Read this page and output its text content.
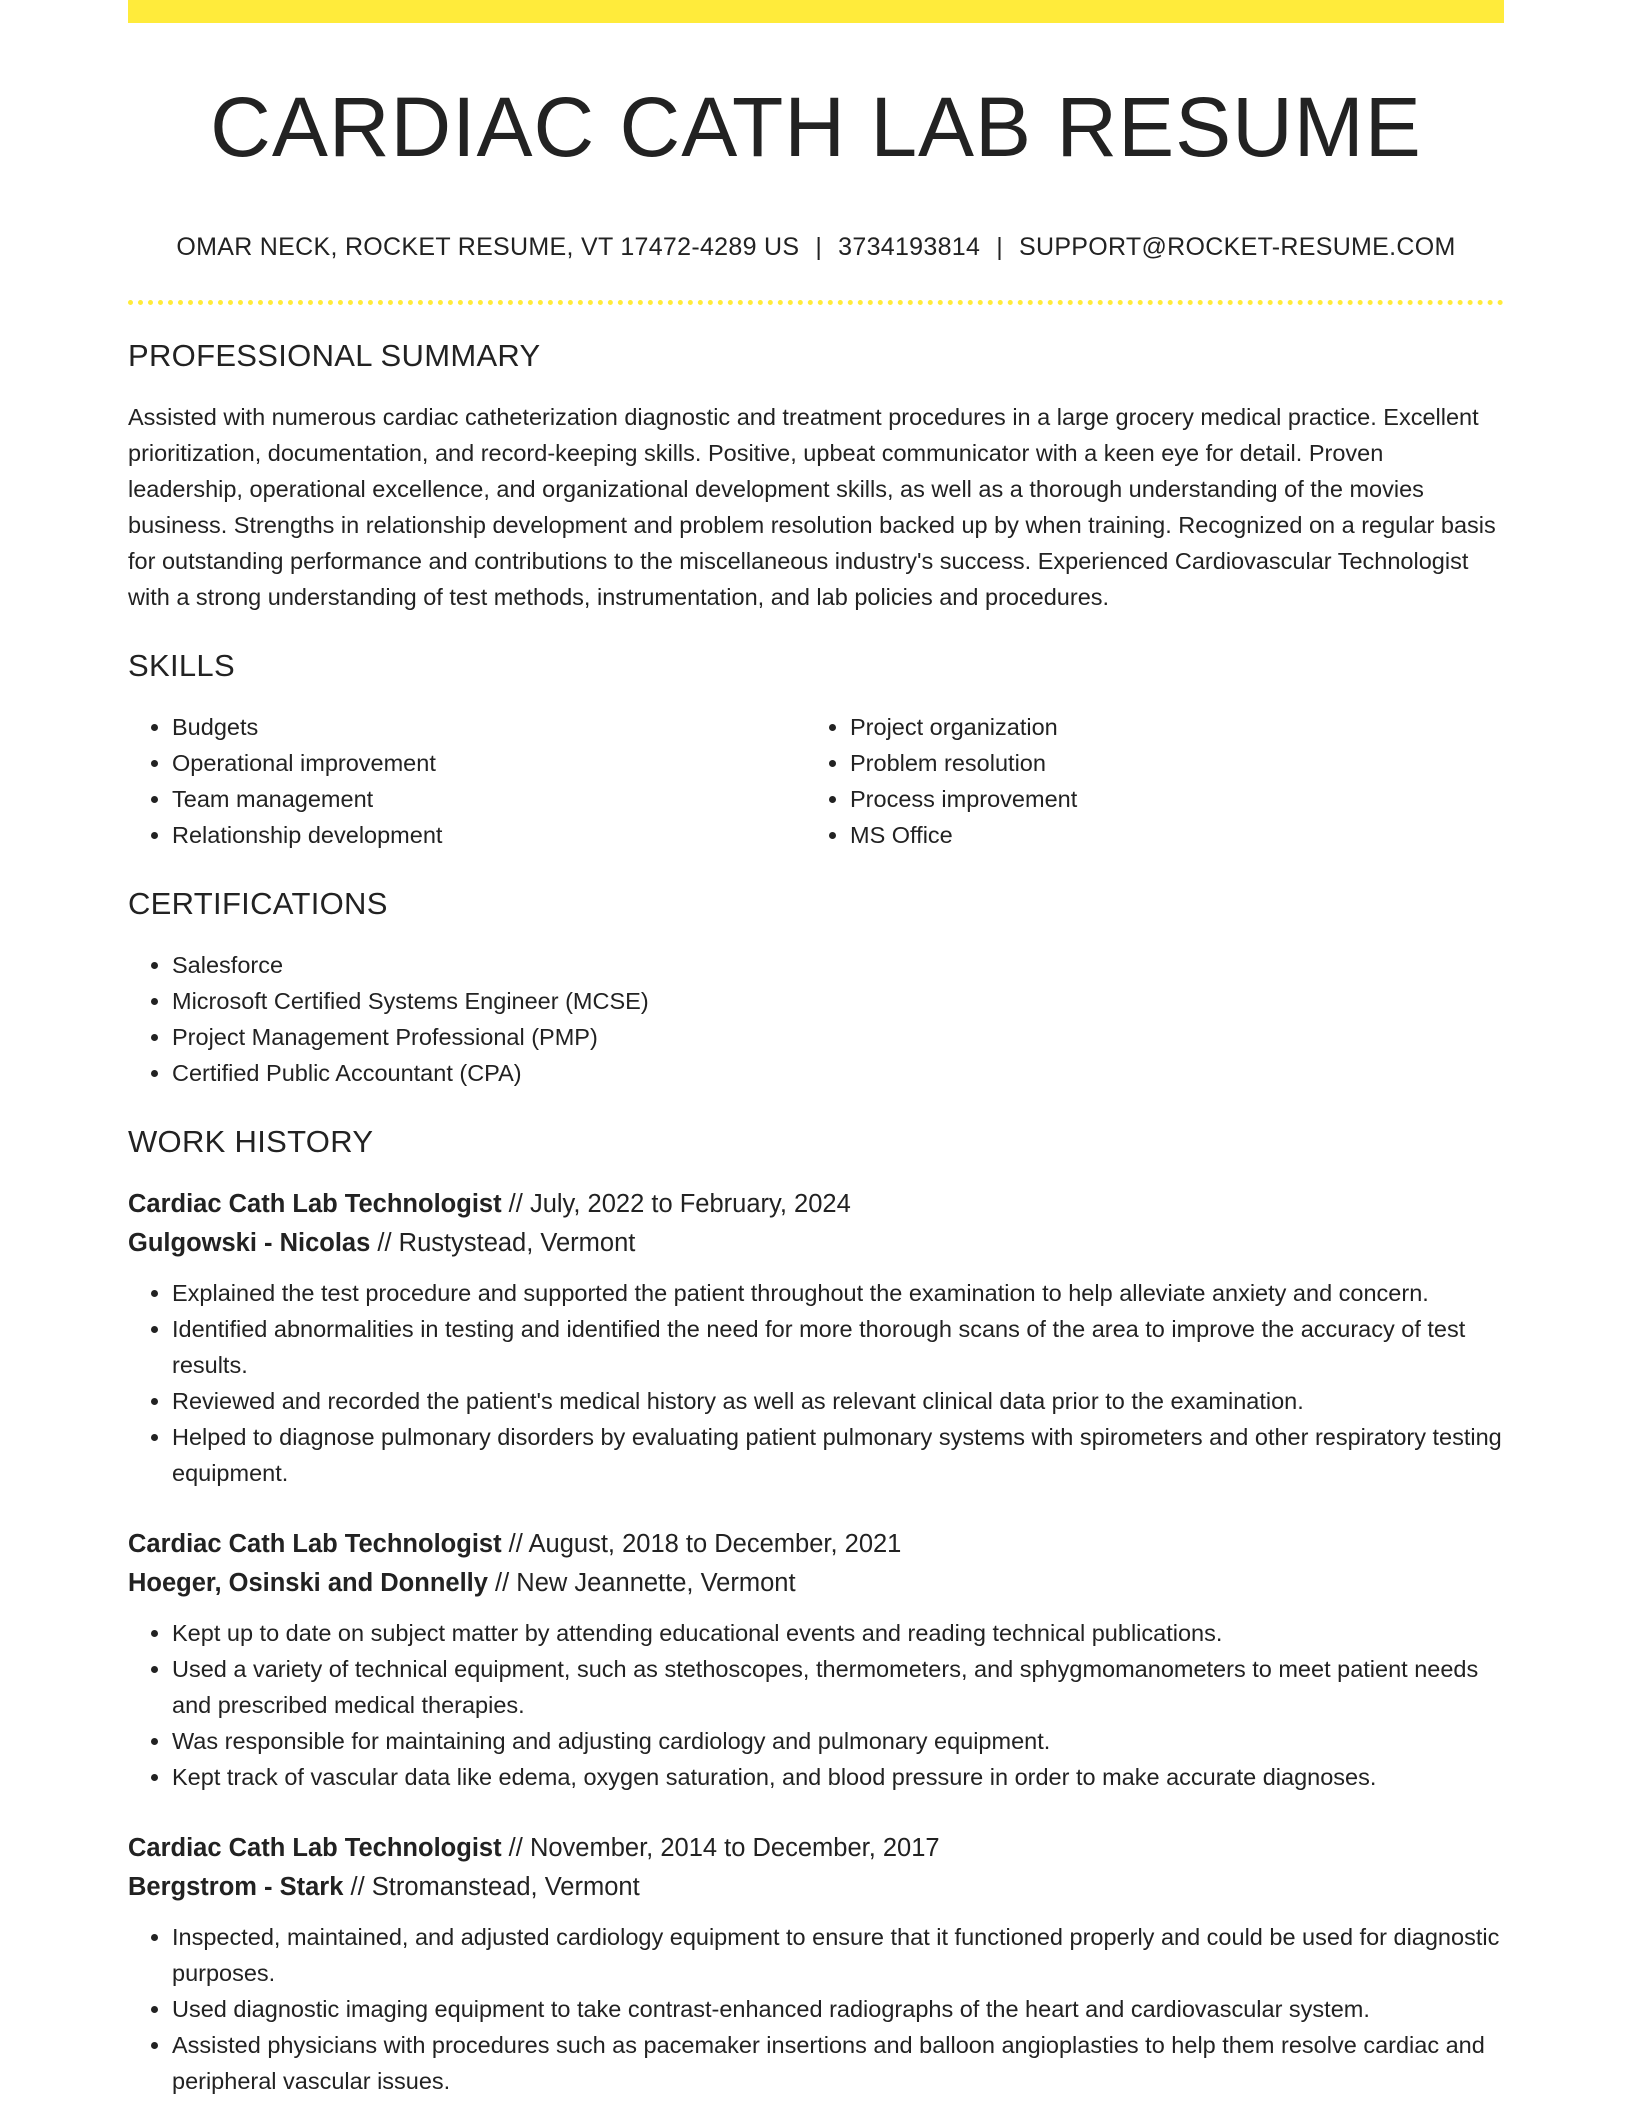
CARDIAC CATH LAB RESUME
OMAR NECK, ROCKET RESUME, VT 17472-4289 US | 3734193814 | SUPPORT@ROCKET-RESUME.COM
PROFESSIONAL SUMMARY

Assisted with numerous cardiac catheterization diagnostic and treatment procedures in a large grocery medical practice. Excellent prioritization, documentation, and record-keeping skills. Positive, upbeat communicator with a keen eye for detail. Proven leadership, operational excellence, and organizational development skills, as well as a thorough understanding of the movies business. Strengths in relationship development and problem resolution backed up by when training. Recognized on a regular basis for outstanding performance and contributions to the miscellaneous industry's success. Experienced Cardiovascular Technologist with a strong understanding of test methods, instrumentation, and lab policies and procedures.

SKILLS
• Budgets
• Operational improvement
• Team management
• Relationship development
• Project organization
• Problem resolution
• Process improvement
• MS Office
CERTIFICATIONS
• Salesforce
• Microsoft Certified Systems Engineer (MCSE)
• Project Management Professional (PMP)
• Certified Public Accountant (CPA)
WORK HISTORY
Cardiac Cath Lab Technologist // July, 2022 to February, 2024
Gulgowski - Nicolas // Rustystead, Vermont
• Explained the test procedure and supported the patient throughout the examination to help alleviate anxiety and concern.
• Identified abnormalities in testing and identified the need for more thorough scans of the area to improve the accuracy of test results.
• Reviewed and recorded the patient's medical history as well as relevant clinical data prior to the examination.
• Helped to diagnose pulmonary disorders by evaluating patient pulmonary systems with spirometers and other respiratory testing equipment.
Cardiac Cath Lab Technologist // August, 2018 to December, 2021
Hoeger, Osinski and Donnelly // New Jeannette, Vermont
• Kept up to date on subject matter by attending educational events and reading technical publications.
• Used a variety of technical equipment, such as stethoscopes, thermometers, and sphygmomanometers to meet patient needs and prescribed medical therapies.
• Was responsible for maintaining and adjusting cardiology and pulmonary equipment.
• Kept track of vascular data like edema, oxygen saturation, and blood pressure in order to make accurate diagnoses.
Cardiac Cath Lab Technologist // November, 2014 to December, 2017
Bergstrom - Stark // Stromanstead, Vermont
• Inspected, maintained, and adjusted cardiology equipment to ensure that it functioned properly and could be used for diagnostic purposes.
• Used diagnostic imaging equipment to take contrast-enhanced radiographs of the heart and cardiovascular system.
• Assisted physicians with procedures such as pacemaker insertions and balloon angioplasties to help them resolve cardiac and peripheral vascular issues.
